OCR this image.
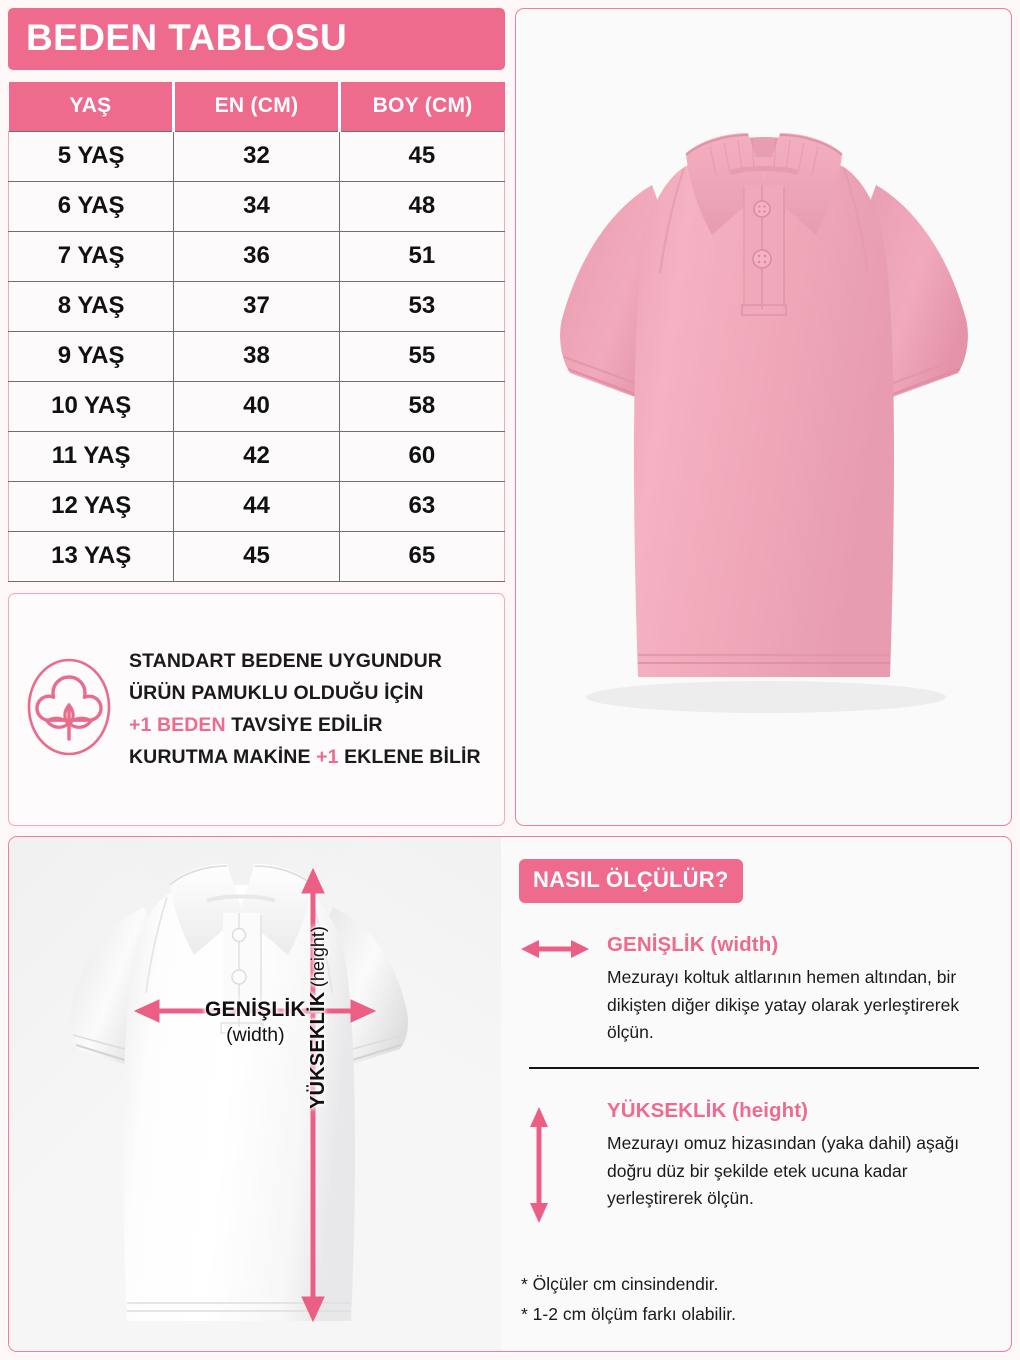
BEDEN TABLOSU
YAŞ	EN (CM)	BOY (CM)
5 YAŞ	32	45
6 YAŞ	34	48
7 YAŞ	36	51
8 YAŞ	37	53
9 YAŞ	38	55
10 YAŞ	40	58
11 YAŞ	42	60
12 YAŞ	44	63
13 YAŞ	45	65
STANDART BEDENE UYGUNDUR
ÜRÜN PAMUKLU OLDUĞU İÇİN
+1 BEDEN TAVSİYE EDİLİR
KURUTMA MAKİNE +1 EKLENE BİLİR
GENİŞLİK
(width)	YÜKSEKLİK (height)
NASIL ÖLÇÜLÜR?
GENİŞLİK (width)
Mezurayı koltuk altlarının hemen altından, bir dikişten diğer dikişe yatay olarak yerleştirerek ölçün.
YÜKSEKLİK (height)
Mezurayı omuz hizasından (yaka dahil) aşağı doğru düz bir şekilde etek ucuna kadar yerleştirerek ölçün.
* Ölçüler cm cinsindendir.
* 1-2 cm ölçüm farkı olabilir.
